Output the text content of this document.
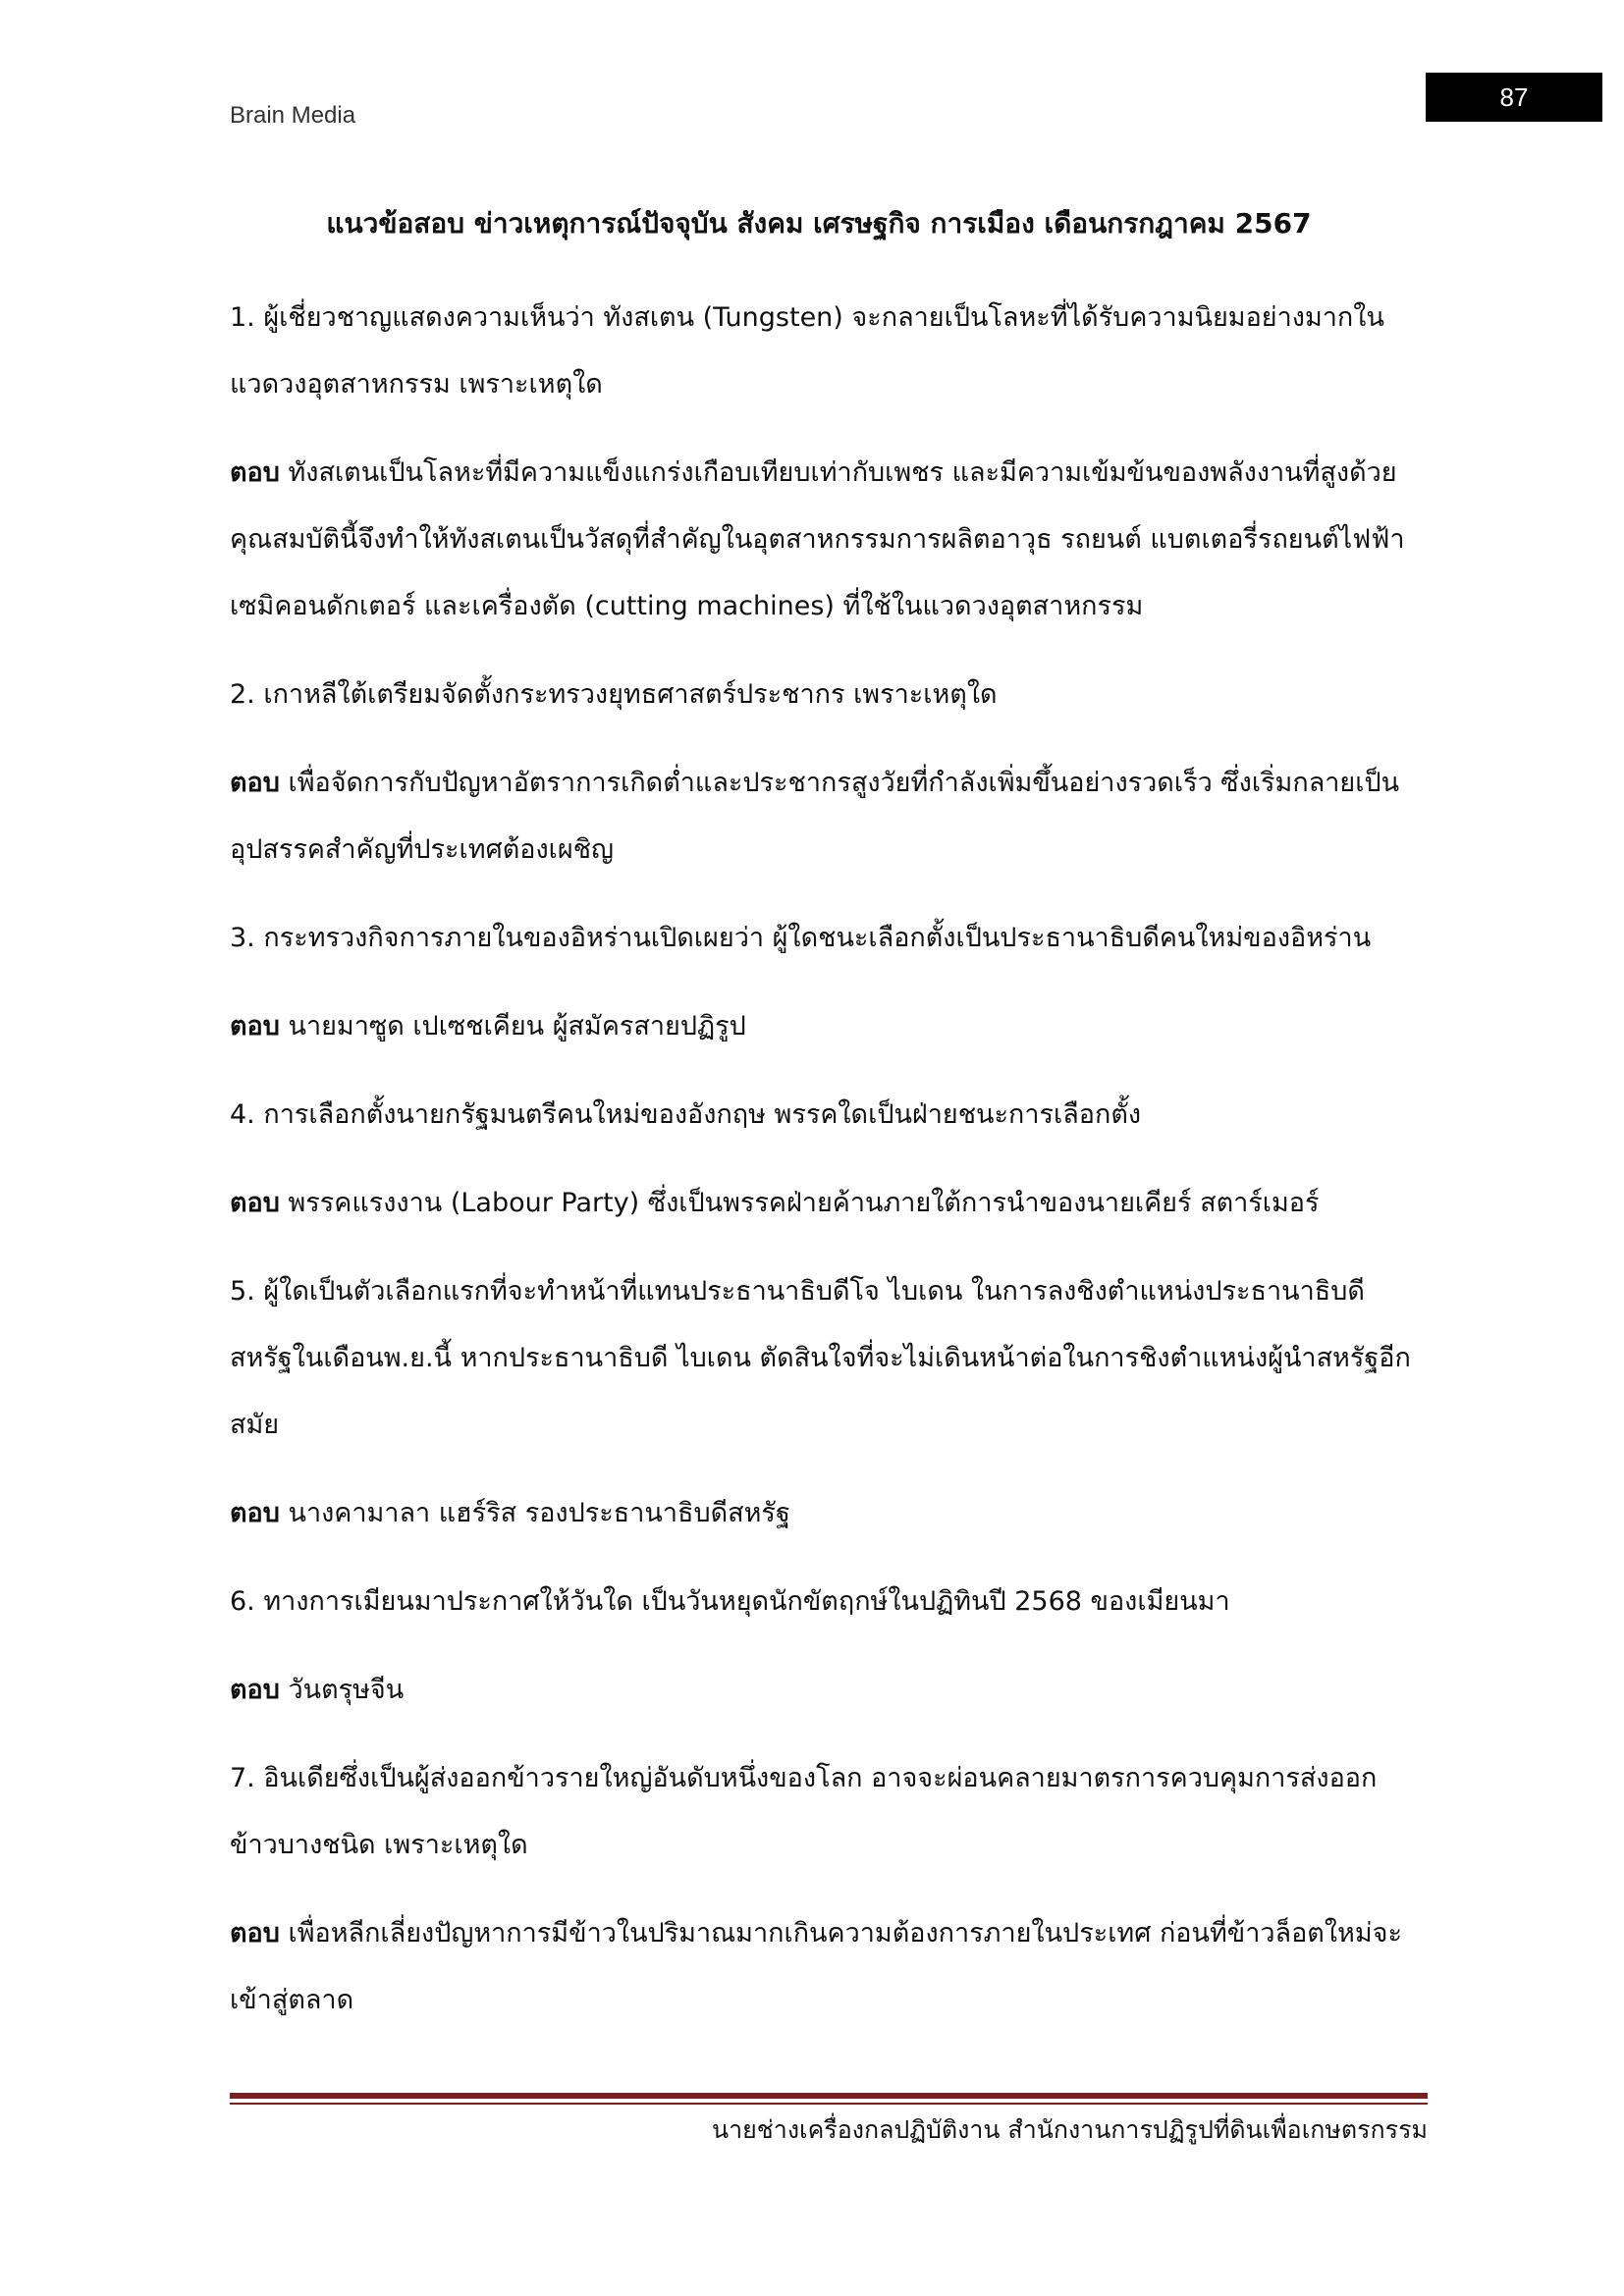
Brain Media
87
แนวข้อสอบ ข่าวเหตุการณ์ปัจจุบัน สังคม เศรษฐกิจ การเมือง เดือนกรกฎาคม 2567

1. ผู้เชี่ยวชาญแสดงความเห็นว่า ทังสเตน (Tungsten) จะกลายเป็นโลหะที่ได้รับความนิยมอย่างมากในแวดวงอุตสาหกรรม เพราะเหตุใด

ตอบ ทังสเตนเป็นโลหะที่มีความแข็งแกร่งเกือบเทียบเท่ากับเพชร และมีความเข้มข้นของพลังงานที่สูงด้วย คุณสมบัตินี้จึงทำให้ทังสเตนเป็นวัสดุที่สำคัญในอุตสาหกรรมการผลิตอาวุธ รถยนต์ แบตเตอรี่รถยนต์ไฟฟ้า เซมิคอนดักเตอร์ และเครื่องตัด (cutting machines) ที่ใช้ในแวดวงอุตสาหกรรม

2. เกาหลีใต้เตรียมจัดตั้งกระทรวงยุทธศาสตร์ประชากร เพราะเหตุใด

ตอบ เพื่อจัดการกับปัญหาอัตราการเกิดต่ำและประชากรสูงวัยที่กำลังเพิ่มขึ้นอย่างรวดเร็ว ซึ่งเริ่มกลายเป็นอุปสรรคสำคัญที่ประเทศต้องเผชิญ

3. กระทรวงกิจการภายในของอิหร่านเปิดเผยว่า ผู้ใดชนะเลือกตั้งเป็นประธานาธิบดีคนใหม่ของอิหร่าน

ตอบ นายมาซูด เปเซชเคียน ผู้สมัครสายปฏิรูป

4. การเลือกตั้งนายกรัฐมนตรีคนใหม่ของอังกฤษ พรรคใดเป็นฝ่ายชนะการเลือกตั้ง

ตอบ พรรคแรงงาน (Labour Party) ซึ่งเป็นพรรคฝ่ายค้านภายใต้การนำของนายเคียร์ สตาร์เมอร์

5. ผู้ใดเป็นตัวเลือกแรกที่จะทำหน้าที่แทนประธานาธิบดีโจ ไบเดน ในการลงชิงตำแหน่งประธานาธิบดีสหรัฐในเดือนพ.ย.นี้ หากประธานาธิบดี ไบเดน ตัดสินใจที่จะไม่เดินหน้าต่อในการชิงตำแหน่งผู้นำสหรัฐอีกสมัย

ตอบ นางคามาลา แฮร์ริส รองประธานาธิบดีสหรัฐ

6. ทางการเมียนมาประกาศให้วันใด เป็นวันหยุดนักขัตฤกษ์ในปฏิทินปี 2568 ของเมียนมา

ตอบ วันตรุษจีน

7. อินเดียซึ่งเป็นผู้ส่งออกข้าวรายใหญ่อันดับหนึ่งของโลก อาจจะผ่อนคลายมาตรการควบคุมการส่งออกข้าวบางชนิด เพราะเหตุใด

ตอบ เพื่อหลีกเลี่ยงปัญหาการมีข้าวในปริมาณมากเกินความต้องการภายในประเทศ ก่อนที่ข้าวล็อตใหม่จะเข้าสู่ตลาด

นายช่างเครื่องกลปฏิบัติงาน สำนักงานการปฏิรูปที่ดินเพื่อเกษตรกรรม
